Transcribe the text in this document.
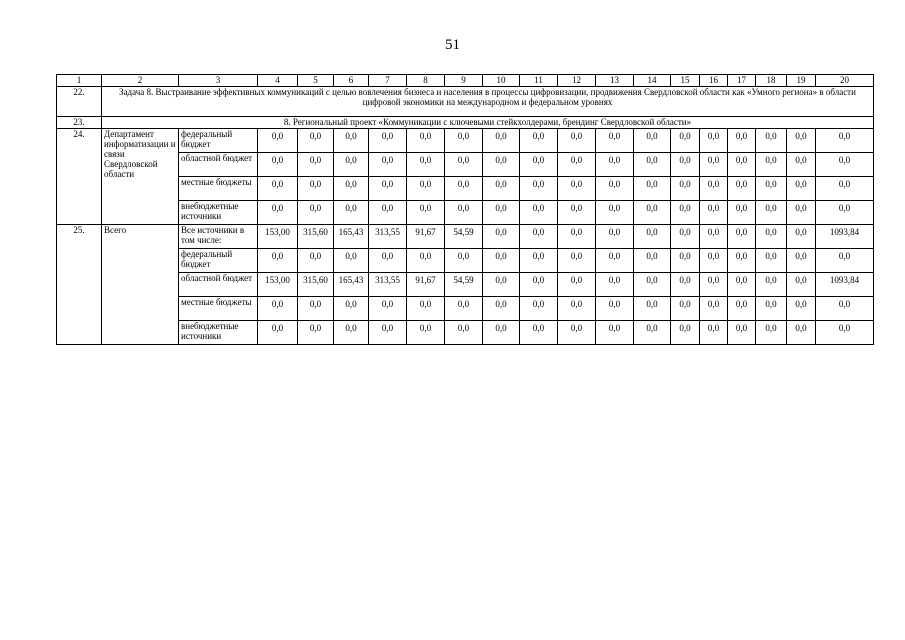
51
1	2	3	4	5	6	7	8	9	10	11	12	13	14	15	16	17	18	19	20
22.	Задача 8. Выстраивание эффективных коммуникаций с целью вовлечения бизнеса и населения в процессы цифровизации, продвижения Свердловской области как «Умного региона» в области цифровой экономики на международном и федеральном уровнях																		
23.	8. Региональный проект «Коммуникации с ключевыми стейкхолдерами, брендинг Свердловской области»																		
24.	Департамент информатизации и связи Свердловской области	федеральный бюджет	0,0	0,0	0,0	0,0	0,0	0,0	0,0	0,0	0,0	0,0	0,0	0,0	0,0	0,0	0,0	0,0	0,0
		областной бюджет	0,0	0,0	0,0	0,0	0,0	0,0	0,0	0,0	0,0	0,0	0,0	0,0	0,0	0,0	0,0	0,0	0,0
		местные бюджеты	0,0	0,0	0,0	0,0	0,0	0,0	0,0	0,0	0,0	0,0	0,0	0,0	0,0	0,0	0,0	0,0	0,0
		внебюджетные источники	0,0	0,0	0,0	0,0	0,0	0,0	0,0	0,0	0,0	0,0	0,0	0,0	0,0	0,0	0,0	0,0	0,0
25.	Всего	Все источники в том числе:	153,00	315,60	165,43	313,55	91,67	54,59	0,0	0,0	0,0	0,0	0,0	0,0	0,0	0,0	0,0	0,0	1093,84
		федеральный бюджет	0,0	0,0	0,0	0,0	0,0	0,0	0,0	0,0	0,0	0,0	0,0	0,0	0,0	0,0	0,0	0,0	0,0
		областной бюджет	153,00	315,60	165,43	313,55	91,67	54,59	0,0	0,0	0,0	0,0	0,0	0,0	0,0	0,0	0,0	0,0	1093,84
		местные бюджеты	0,0	0,0	0,0	0,0	0,0	0,0	0,0	0,0	0,0	0,0	0,0	0,0	0,0	0,0	0,0	0,0	0,0
		внебюджетные источники	0,0	0,0	0,0	0,0	0,0	0,0	0,0	0,0	0,0	0,0	0,0	0,0	0,0	0,0	0,0	0,0	0,0
